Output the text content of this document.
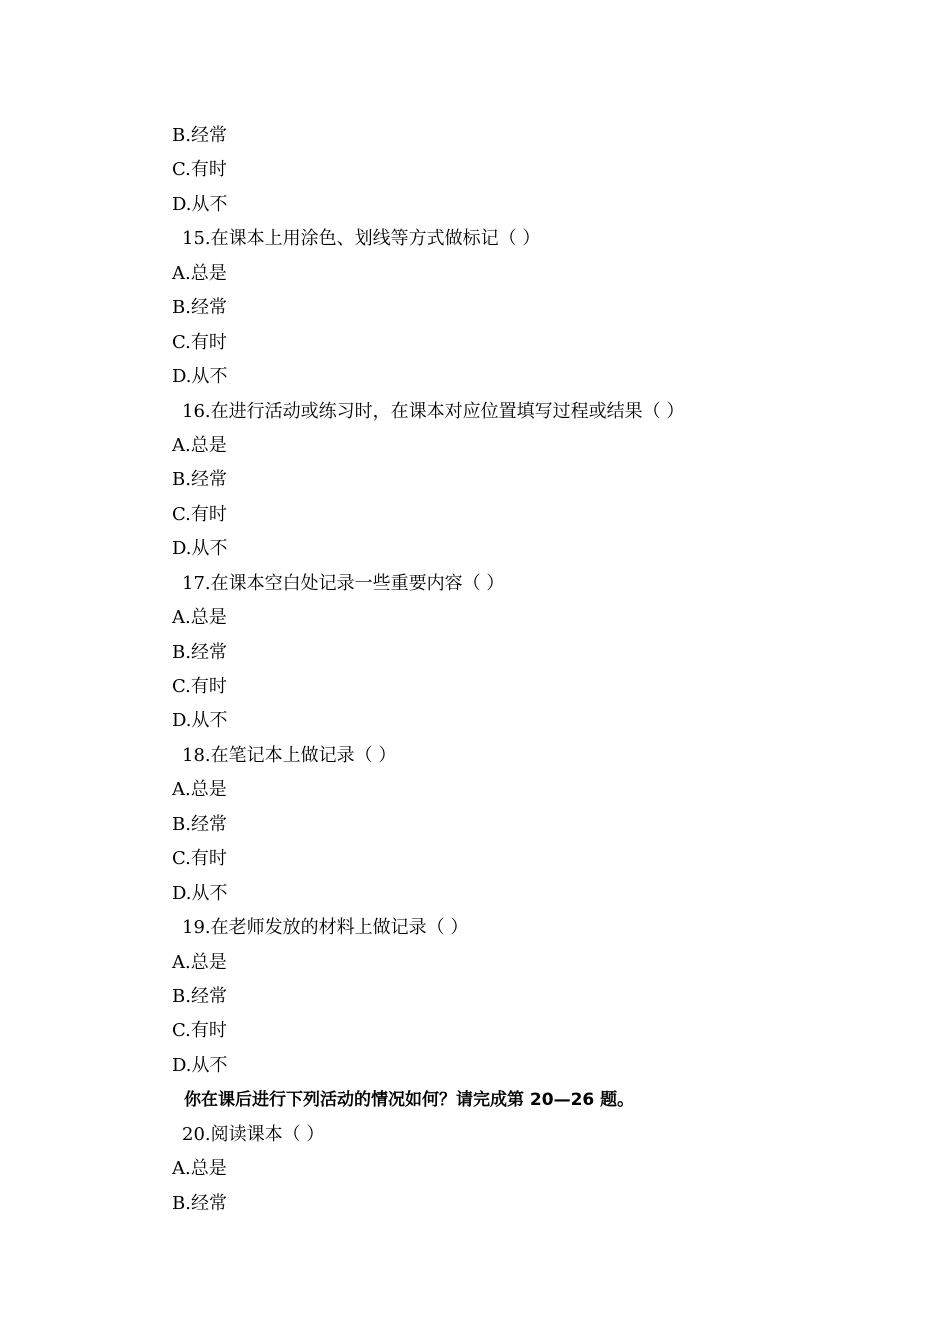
B.经常
C.有时
D.从不
15.在课本上用涂色、划线等方式做标记（ ）
A.总是
B.经常
C.有时
D.从不
16.在进行活动或练习时，在课本对应位置填写过程或结果（ ）
A.总是
B.经常
C.有时
D.从不
17.在课本空白处记录一些重要内容（ ）
A.总是
B.经常
C.有时
D.从不
18.在笔记本上做记录（ ）
A.总是
B.经常
C.有时
D.从不
19.在老师发放的材料上做记录（ ）
A.总是
B.经常
C.有时
D.从不
你在课后进行下列活动的情况如何？请完成第 20—26 题。
20.阅读课本（ ）
A.总是
B.经常
